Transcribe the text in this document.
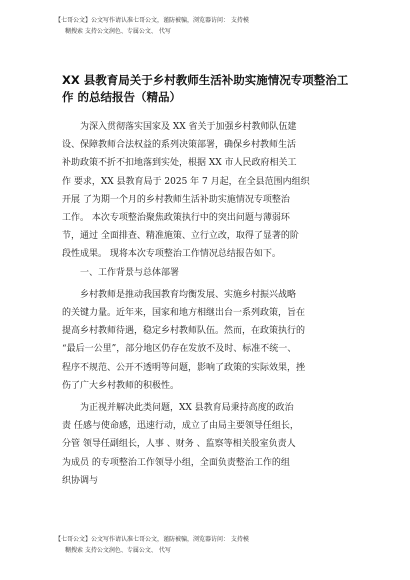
【七哥公文】公文写作请认准七哥公文，谨防被骗，浏览器访问： 支持模
糊搜索 支持公文润色、专属公文、 代写
XX 县教育局关于乡村教师生活补助实施情况专项整治工
作 的总结报告（精品）
为深入贯彻落实国家及 XX 省关于加强乡村教师队伍建
设、保障教师合法权益的系列决策部署，确保乡村教师生活
补助政策不折不扣地落到实处，根据 XX 市人民政府相关工
作 要求，XX 县教育局于 2025 年 7 月起，在全县范围内组织
开展 了为期一个月的乡村教师生活补助实施情况专项整治
工作。 本次专项整治聚焦政策执行中的突出问题与薄弱环
节，通过 全面排查、精准施策、立行立改，取得了显著的阶
段性成果。 现将本次专项整治工作情况总结报告如下。
一、工作背景与总体部署
乡村教师是推动我国教育均衡发展、实施乡村振兴战略
的关键力量。近年来，国家和地方相继出台一系列政策，旨在
提高乡村教师待遇，稳定乡村教师队伍。然而，在政策执行的
“最后一公里”，部分地区仍存在发放不及时、标准不统一、
程序不规范、公开不透明等问题，影响了政策的实际效果，挫
伤了广大乡村教师的积极性。
为正视并解决此类问题，XX 县教育局秉持高度的政治
责 任感与使命感，迅速行动，成立了由局主要领导任组长，
分管 领导任副组长，人事 、财务 、监察等相关股室负责人
为成员 的专项整治工作领导小组，全面负责整治工作的组
织协调与
【七哥公文】公文写作请认准七哥公文，谨防被骗，浏览器访问： 支持模
糊搜索 支持公文润色、专属公文、 代写
